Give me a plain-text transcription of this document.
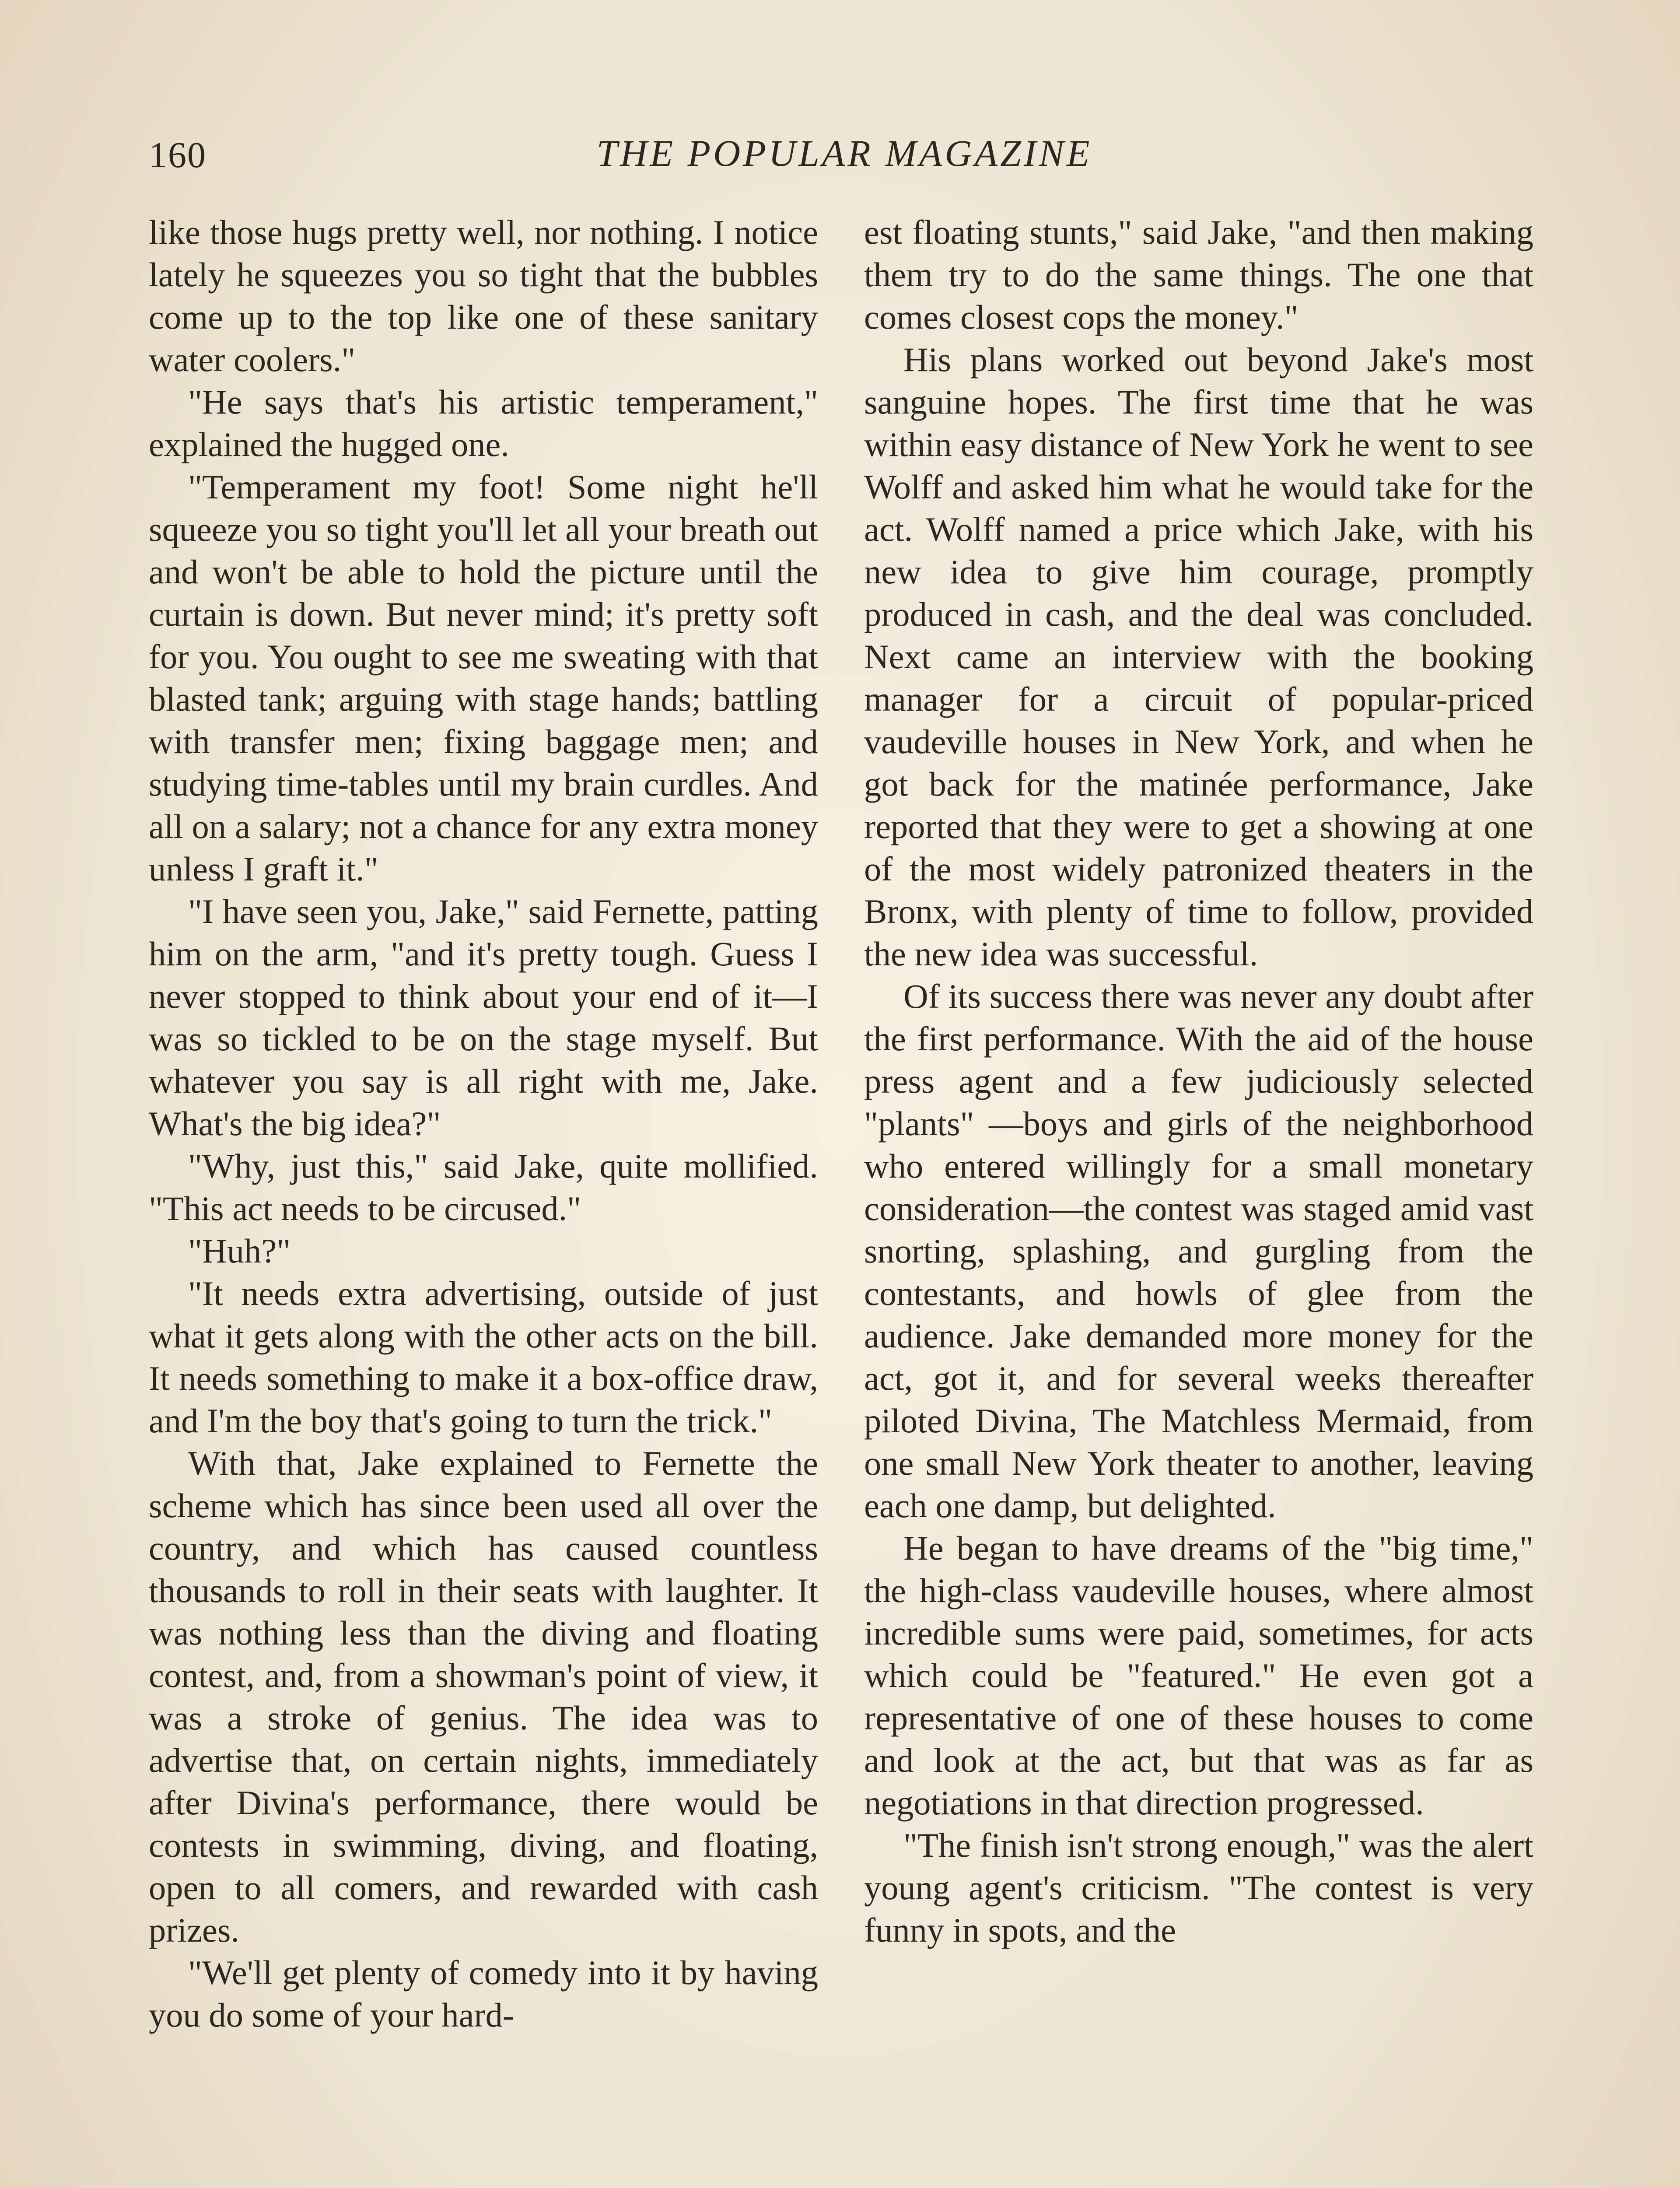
160	THE POPULAR MAGAZINE

like those hugs pretty well, nor nothing. I notice lately he squeezes you so tight that the bubbles come up to the top like one of these sanitary water coolers."

"He says that's his artistic temperament," explained the hugged one.

"Temperament my foot! Some night he'll squeeze you so tight you'll let all your breath out and won't be able to hold the picture until the curtain is down. But never mind; it's pretty soft for you. You ought to see me sweating with that blasted tank; arguing with stage hands; battling with transfer men; fixing baggage men; and studying time-tables until my brain curdles. And all on a salary; not a chance for any extra money unless I graft it."

"I have seen you, Jake," said Fernette, patting him on the arm, "and it's pretty tough. Guess I never stopped to think about your end of it—I was so tickled to be on the stage myself. But whatever you say is all right with me, Jake. What's the big idea?"

"Why, just this," said Jake, quite mollified. "This act needs to be circused."

"Huh?"

"It needs extra advertising, outside of just what it gets along with the other acts on the bill. It needs something to make it a box-office draw, and I'm the boy that's going to turn the trick."

With that, Jake explained to Fernette the scheme which has since been used all over the country, and which has caused countless thousands to roll in their seats with laughter. It was nothing less than the diving and floating contest, and, from a showman's point of view, it was a stroke of genius. The idea was to advertise that, on certain nights, immediately after Divina's performance, there would be contests in swimming, diving, and floating, open to all comers, and rewarded with cash prizes.

"We'll get plenty of comedy into it by having you do some of your hard-

est floating stunts," said Jake, "and then making them try to do the same things. The one that comes closest cops the money."

His plans worked out beyond Jake's most sanguine hopes. The first time that he was within easy distance of New York he went to see Wolff and asked him what he would take for the act. Wolff named a price which Jake, with his new idea to give him courage, promptly produced in cash, and the deal was concluded. Next came an interview with the booking manager for a circuit of popular-priced vaudeville houses in New York, and when he got back for the matinée performance, Jake reported that they were to get a showing at one of the most widely patronized theaters in the Bronx, with plenty of time to follow, provided the new idea was successful.

Of its success there was never any doubt after the first performance. With the aid of the house press agent and a few judiciously selected "plants" —boys and girls of the neighborhood who entered willingly for a small monetary consideration—the contest was staged amid vast snorting, splashing, and gurgling from the contestants, and howls of glee from the audience. Jake demanded more money for the act, got it, and for several weeks thereafter piloted Divina, The Matchless Mermaid, from one small New York theater to another, leaving each one damp, but delighted.

He began to have dreams of the "big time," the high-class vaudeville houses, where almost incredible sums were paid, sometimes, for acts which could be "featured." He even got a representative of one of these houses to come and look at the act, but that was as far as negotiations in that direction progressed.

"The finish isn't strong enough," was the alert young agent's criticism. "The contest is very funny in spots, and the
